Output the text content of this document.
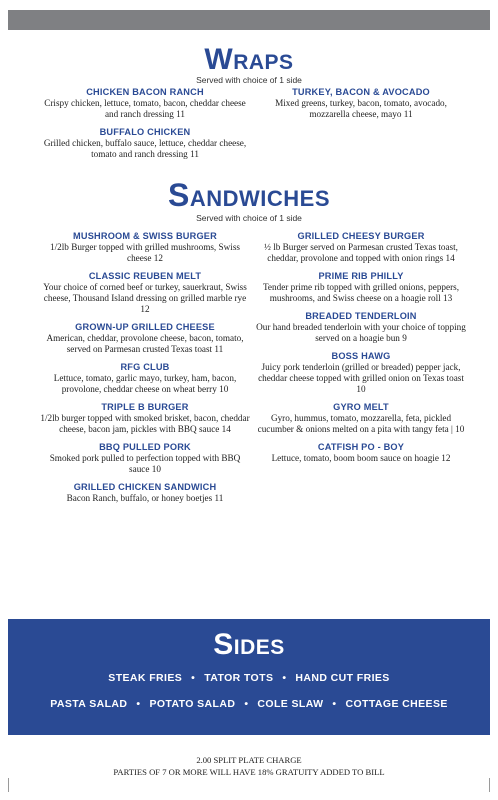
Wraps
Served with choice of 1 side
CHICKEN BACON RANCH
Crispy chicken, lettuce, tomato, bacon, cheddar cheese and ranch dressing 11
BUFFALO CHICKEN
Grilled chicken, buffalo sauce, lettuce, cheddar cheese, tomato and ranch dressing 11
TURKEY, BACON & AVOCADO
Mixed greens, turkey, bacon, tomato, avocado, mozzarella cheese, mayo 11
Sandwiches
Served with choice of 1 side
MUSHROOM & SWISS BURGER
1/2lb Burger topped with grilled mushrooms, Swiss cheese 12
CLASSIC REUBEN MELT
Your choice of corned beef or turkey, sauerkraut, Swiss cheese, Thousand Island dressing on grilled marble rye 12
GROWN-UP GRILLED CHEESE
American, cheddar, provolone cheese, bacon, tomato, served on Parmesan crusted Texas toast 11
RFG CLUB
Lettuce, tomato, garlic mayo, turkey, ham, bacon, provolone, cheddar cheese on wheat berry 10
TRIPLE B BURGER
1/2lb burger topped with smoked brisket, bacon, cheddar cheese, bacon jam, pickles with BBQ sauce 14
BBQ PULLED PORK
Smoked pork pulled to perfection topped with BBQ sauce 10
GRILLED CHICKEN SANDWICH
Bacon Ranch, buffalo, or honey boetjes 11
GRILLED CHEESY BURGER
½ lb Burger served on Parmesan crusted Texas toast, cheddar, provolone and topped with onion rings 14
PRIME RIB PHILLY
Tender prime rib topped with grilled onions, peppers, mushrooms, and Swiss cheese on a hoagie roll 13
BREADED TENDERLOIN
Our hand breaded tenderloin with your choice of topping served on a hoagie bun 9
BOSS HAWG
Juicy pork tenderloin (grilled or breaded) pepper jack, cheddar cheese topped with grilled onion on Texas toast 10
GYRO MELT
Gyro, hummus, tomato, mozzarella, feta, pickled cucumber & onions melted on a pita with tangy feta | 10
CATFISH PO - BOY
Lettuce, tomato, boom boom sauce on hoagie 12
Sides
STEAK FRIES • TATOR TOTS • HAND CUT FRIES
PASTA SALAD • POTATO SALAD • COLE SLAW • COTTAGE CHEESE
2.00 SPLIT PLATE CHARGE
PARTIES OF 7 OR MORE WILL HAVE 18% GRATUITY ADDED TO BILL
